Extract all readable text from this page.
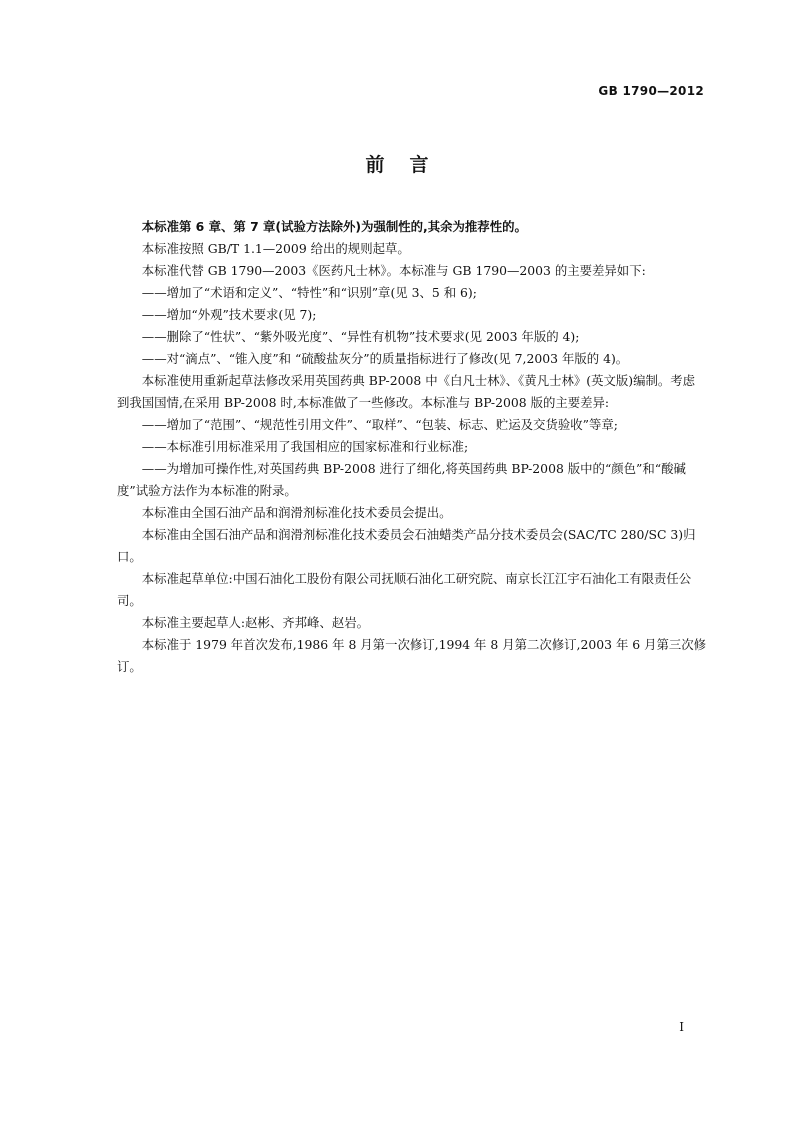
GB 1790—2012
前 言

本标准第 6 章、第 7 章(试验方法除外)为强制性的,其余为推荐性的。

本标准按照 GB/T 1.1—2009 给出的规则起草。

本标准代替 GB 1790—2003《医药凡士林》。本标准与 GB 1790—2003 的主要差异如下:

——增加了“术语和定义”、“特性”和“识别”章(见 3、5 和 6);

——增加“外观”技术要求(见 7);

——删除了“性状”、“紫外吸光度”、“异性有机物”技术要求(见 2003 年版的 4);

——对“滴点”、“锥入度”和 “硫酸盐灰分”的质量指标进行了修改(见 7,2003 年版的 4)。

本标准使用重新起草法修改采用英国药典 BP-2008 中《白凡士林》、《黄凡士林》(英文版)编制。考虑到我国国情,在采用 BP-2008 时,本标准做了一些修改。本标准与 BP-2008 版的主要差异:

——增加了“范围”、“规范性引用文件”、“取样”、“包装、标志、贮运及交货验收”等章;

——本标准引用标准采用了我国相应的国家标准和行业标准;

——为增加可操作性,对英国药典 BP-2008 进行了细化,将英国药典 BP-2008 版中的“颜色”和“酸碱度”试验方法作为本标准的附录。

本标准由全国石油产品和润滑剂标准化技术委员会提出。

本标准由全国石油产品和润滑剂标准化技术委员会石油蜡类产品分技术委员会(SAC/TC 280/SC 3)归口。

本标准起草单位:中国石油化工股份有限公司抚顺石油化工研究院、南京长江江宇石油化工有限责任公司。

本标准主要起草人:赵彬、齐邦峰、赵岩。

本标准于 1979 年首次发布,1986 年 8 月第一次修订,1994 年 8 月第二次修订,2003 年 6 月第三次修订。

I
